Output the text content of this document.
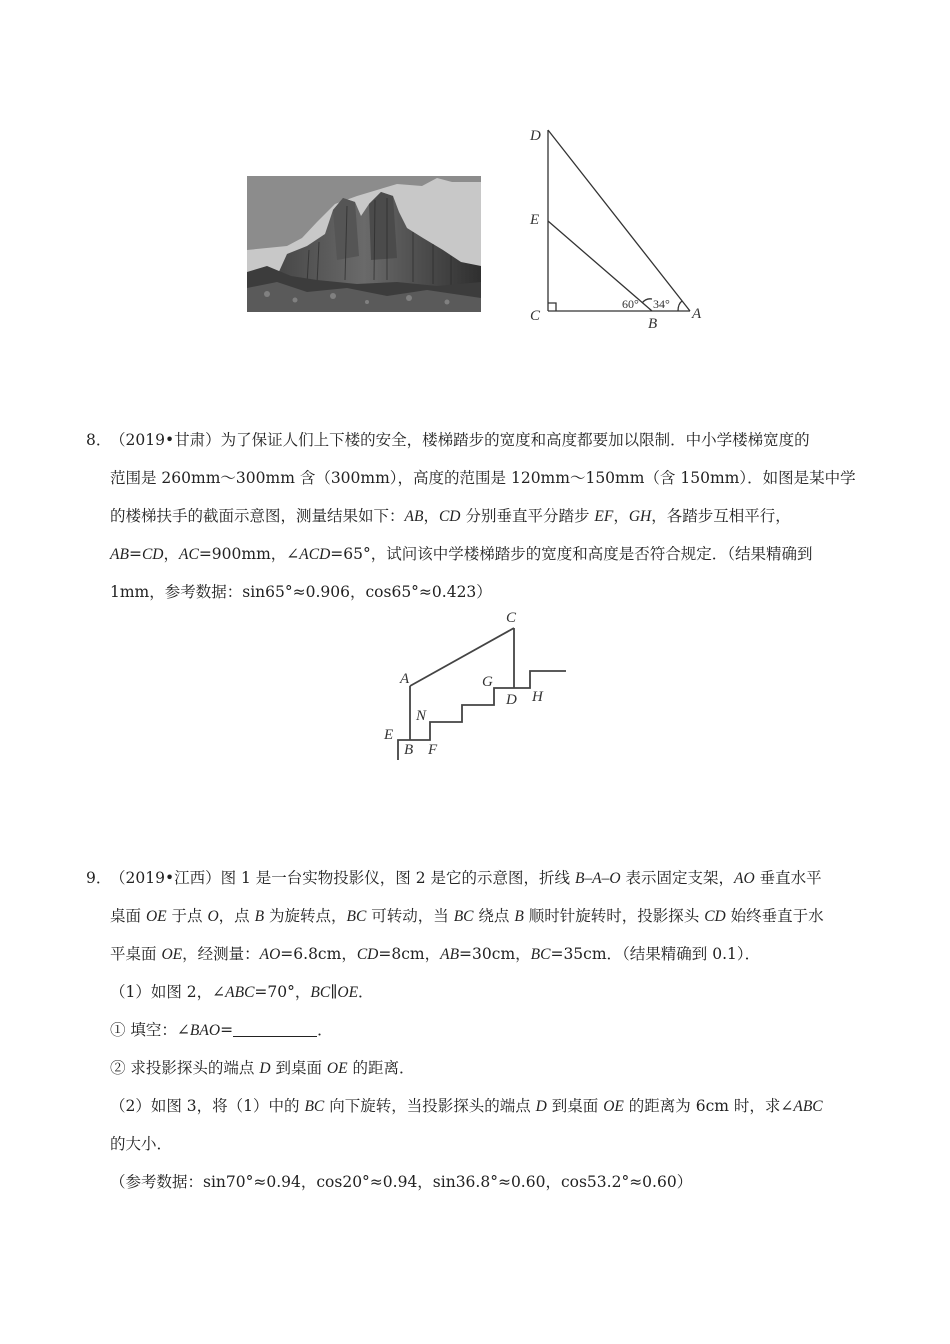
D
E
C	B
A
60° 34°
8．
（2019•甘肃）为了保证人们上下楼的安全，楼梯踏步的宽度和高度都要加以限制．中小学楼梯宽度的
范围是 260mm～300mm 含（300mm），高度的范围是 120mm～150mm（含 150mm）．如图是某中学
的楼梯扶手的截面示意图，测量结果如下：AB，CD 分别垂直平分踏步 EF，GH，各踏步互相平行，
AB=CD，AC=900mm，∠ACD=65°，试问该中学楼梯踏步的宽度和高度是否符合规定．（结果精确到
1mm，参考数据：sin65°≈0.906，cos65°≈0.423）
C
A	G
D H
N
E
B F
9．
（2019•江西）图 1 是一台实物投影仪，图 2 是它的示意图，折线 B–A–O 表示固定支架，AO 垂直水平
桌面 OE 于点 O，点 B 为旋转点，BC 可转动，当 BC 绕点 B 顺时针旋转时，投影探头 CD 始终垂直于水
平桌面 OE，经测量：AO=6.8cm，CD=8cm，AB=30cm，BC=35cm．（结果精确到 0.1）．
（1）如图 2，∠ABC=70°，BC∥OE．
① 填空：∠BAO=	．
② 求投影探头的端点 D 到桌面 OE 的距离．
（2）如图 3，将（1）中的 BC 向下旋转，当投影探头的端点 D 到桌面 OE 的距离为 6cm 时，求∠ABC
的大小．
（参考数据：sin70°≈0.94，cos20°≈0.94，sin36.8°≈0.60，cos53.2°≈0.60）
